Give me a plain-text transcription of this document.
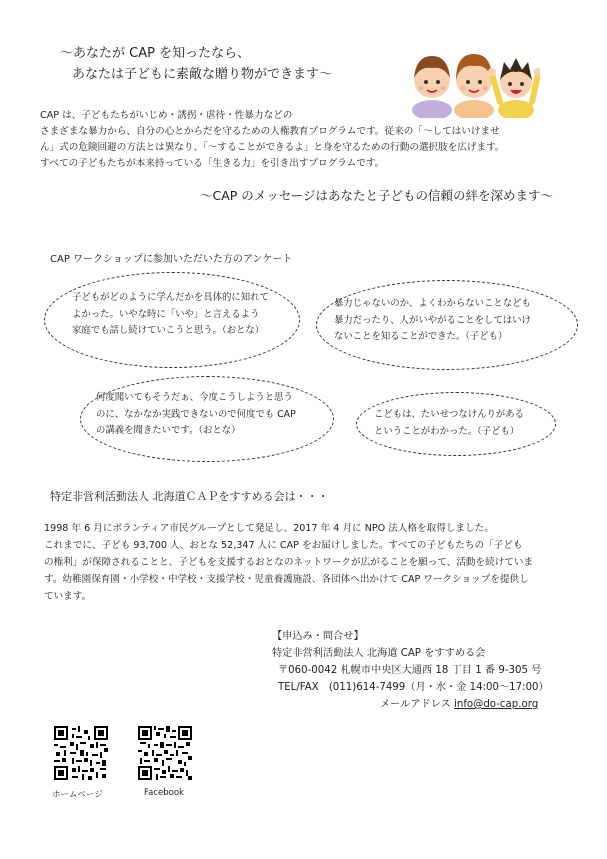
～あなたが CAP を知ったなら、
あなたは子どもに素敵な贈り物ができます～

CAP は、子どもたちがいじめ・誘拐・虐待・性暴力などの

さまざまな暴力から、自分の心とからだを守るための人権教育プログラムです。従来の「～してはいけませ

ん」式の危険回避の方法とは異なり、「～することができるよ」と身を守るための行動の選択肢を広げます。

すべての子どもたちが本来持っている「生きる力」を引き出すプログラムです。

～CAP のメッセージはあなたと子どもの信頼の絆を深めます～
CAP ワークショップに参加いただいた方のアンケート

子どもがどのように学んだかを具体的に知れて

よかった。いやな時に「いや」と言えるよう

家庭でも話し続けていこうと思う。（おとな）

暴力じゃないのか、よくわからないことなども

暴力だったり、人がいやがることをしてはいけ

ないことを知ることができた。（子ども）

何度聞いてもそうだぁ、今度こうしようと思う

のに、なかなか実践できないので何度でも CAP

の講義を聞きたいです。（おとな）

こどもは、たいせつなけんりがある

ということがわかった。（子ども）

特定非営利活動法人 北海道ＣＡＰをすすめる会は・・・

1998 年 6 月にボランティア市民グループとして発足し、2017 年 4 月に NPO 法人格を取得しました。

これまでに、子ども 93,700 人、おとな 52,347 人に CAP をお届けしました。すべての子どもたちの「子ども

の権利」が保障されることと、子どもを支援するおとなのネットワークが広がることを願って、活動を続けていま

す。幼稚園保育園・小学校・中学校・支援学校・児童養護施設、各団体へ出かけて CAP ワークショップを提供し

ています。

【申込み・問合せ】

特定非営利活動法人 北海道 CAP をすすめる会

〒060-0042 札幌市中央区大通西 18 丁目 1 番 9-305 号

TEL/FAX　(011)614-7499（月・水・金 14:00～17:00）

メールアドレス info@do-cap.org

ホームページ	Facebook
